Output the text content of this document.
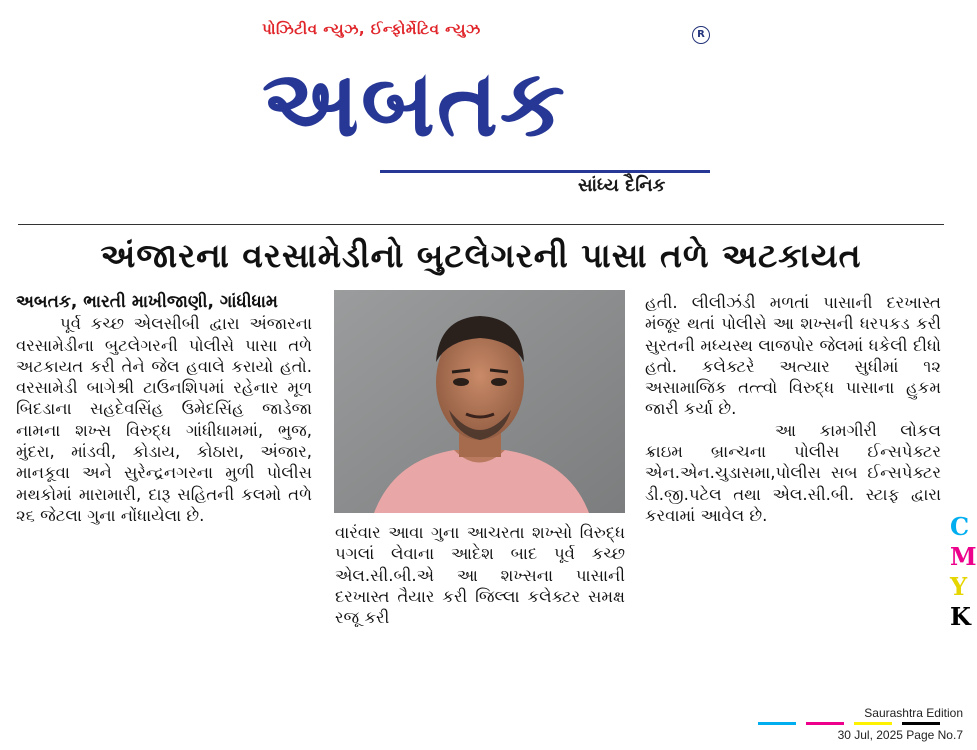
પોઝિટીવ ન્યુઝ, ઈન્ફોર્મેટિવ ન્યુઝ	R
અબતક
સાંધ્ય દૈનિક
અંજારના વરસામેડીનો બુટલેગરની પાસા તળે અટકાયત

અબતક, ભારતી માખીજાણી, ગાંધીધામ

પૂર્વ કચ્છ એલસીબી દ્વારા અંજારના વરસામેડીના બુટલેગરની પોલીસે પાસા તળે અટકાયત કરી તેને જેલ હવાલે કરાયો હતો. વરસામેડી બાગેશ્રી ટાઉનશિપમાં રહેનાર મૂળ બિદડાના સહદેવસિંહ ઉમેદસિંહ જાડેજા નામના શખ્સ વિરુદ્ધ ગાંધીધામમાં, ભુજ, મુંદરા, માંડવી, કોડાય, કોઠારા, અંજાર, માનકૂવા અને સુરેન્દ્રનગરના મુળી પોલીસ મથકોમાં મારામારી, દારૂ સહિતની કલમો તળે ૨૬ જેટલા ગુના નોંધાયેલા છે.

વારંવાર આવા ગુના આચરતા શખ્સો વિરુદ્ધ પગલાં લેવાના આદેશ બાદ પૂર્વ કચ્છ એલ.સી.બી.એ આ શખ્સના પાસાની દરખાસ્ત તૈયાર કરી જિલ્લા કલેક્ટર સમક્ષ રજૂ કરી

હતી. લીલીઝંડી મળતાં પાસાની દરખાસ્ત મંજૂર થતાં પોલીસે આ શખ્સની ધરપકડ કરી સુરતની મધ્યસ્થ લાજપોર જેલમાં ધકેલી દીધો હતો. કલેક્ટરે અત્યાર સુધીમાં ૧૨ અસામાજિક તત્ત્વો વિરુદ્ધ પાસાના હુકમ જારી કર્યા છે.

આ કામગીરી લોકલ ક્રાઇમ બ્રાન્ચના પોલીસ ઈન્સપેક્ટર એન.એન.ચુડાસમા,પોલીસ સબ ઈન્સપેક્ટર ડી.જી.પટેલ તથા એલ.સી.બી. સ્ટાફ દ્વારા કરવામાં આવેલ છે.	C
M
Y
K
Saurashtra Edition
30 Jul, 2025 Page No.7
